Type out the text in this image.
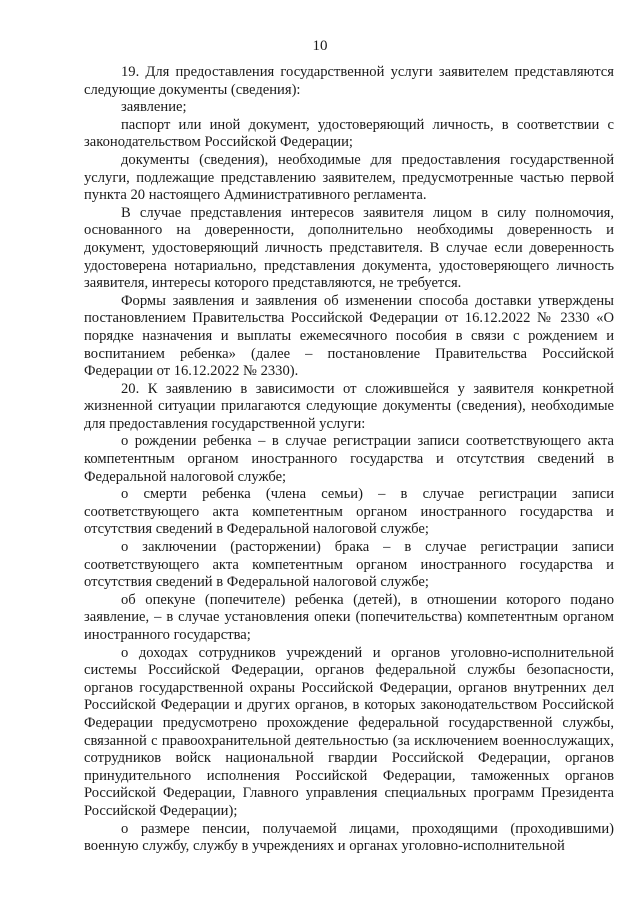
10

19. Для предоставления государственной услуги заявителем представляются следующие документы (сведения):

заявление;

паспорт или иной документ, удостоверяющий личность, в соответствии с законодательством Российской Федерации;

документы (сведения), необходимые для предоставления государственной услуги, подлежащие представлению заявителем, предусмотренные частью первой пункта 20 настоящего Административного регламента.

В случае представления интересов заявителя лицом в силу полномочия, основанного на доверенности, дополнительно необходимы доверенность и документ, удостоверяющий личность представителя. В случае если доверенность удостоверена нотариально, представления документа, удостоверяющего личность заявителя, интересы которого представляются, не требуется.

Формы заявления и заявления об изменении способа доставки утверждены постановлением Правительства Российской Федерации от 16.12.2022 № 2330 «О порядке назначения и выплаты ежемесячного пособия в связи с рождением и воспитанием ребенка» (далее – постановление Правительства Российской Федерации от 16.12.2022 № 2330).

20. К заявлению в зависимости от сложившейся у заявителя конкретной жизненной ситуации прилагаются следующие документы (сведения), необходимые для предоставления государственной услуги:

о рождении ребенка – в случае регистрации записи соответствующего акта компетентным органом иностранного государства и отсутствия сведений в Федеральной налоговой службе;

о смерти ребенка (члена семьи) – в случае регистрации записи соответствующего акта компетентным органом иностранного государства и отсутствия сведений в Федеральной налоговой службе;

о заключении (расторжении) брака – в случае регистрации записи соответствующего акта компетентным органом иностранного государства и отсутствия сведений в Федеральной налоговой службе;

об опекуне (попечителе) ребенка (детей), в отношении которого подано заявление, – в случае установления опеки (попечительства) компетентным органом иностранного государства;

о доходах сотрудников учреждений и органов уголовно-исполнительной системы Российской Федерации, органов федеральной службы безопасности, органов государственной охраны Российской Федерации, органов внутренних дел Российской Федерации и других органов, в которых законодательством Российской Федерации предусмотрено прохождение федеральной государственной службы, связанной с правоохранительной деятельностью (за исключением военнослужащих, сотрудников войск национальной гвардии Российской Федерации, органов принудительного исполнения Российской Федерации, таможенных органов Российской Федерации, Главного управления специальных программ Президента Российской Федерации);

о размере пенсии, получаемой лицами, проходящими (проходившими) военную службу, службу в учреждениях и органах уголовно-исполнительной
